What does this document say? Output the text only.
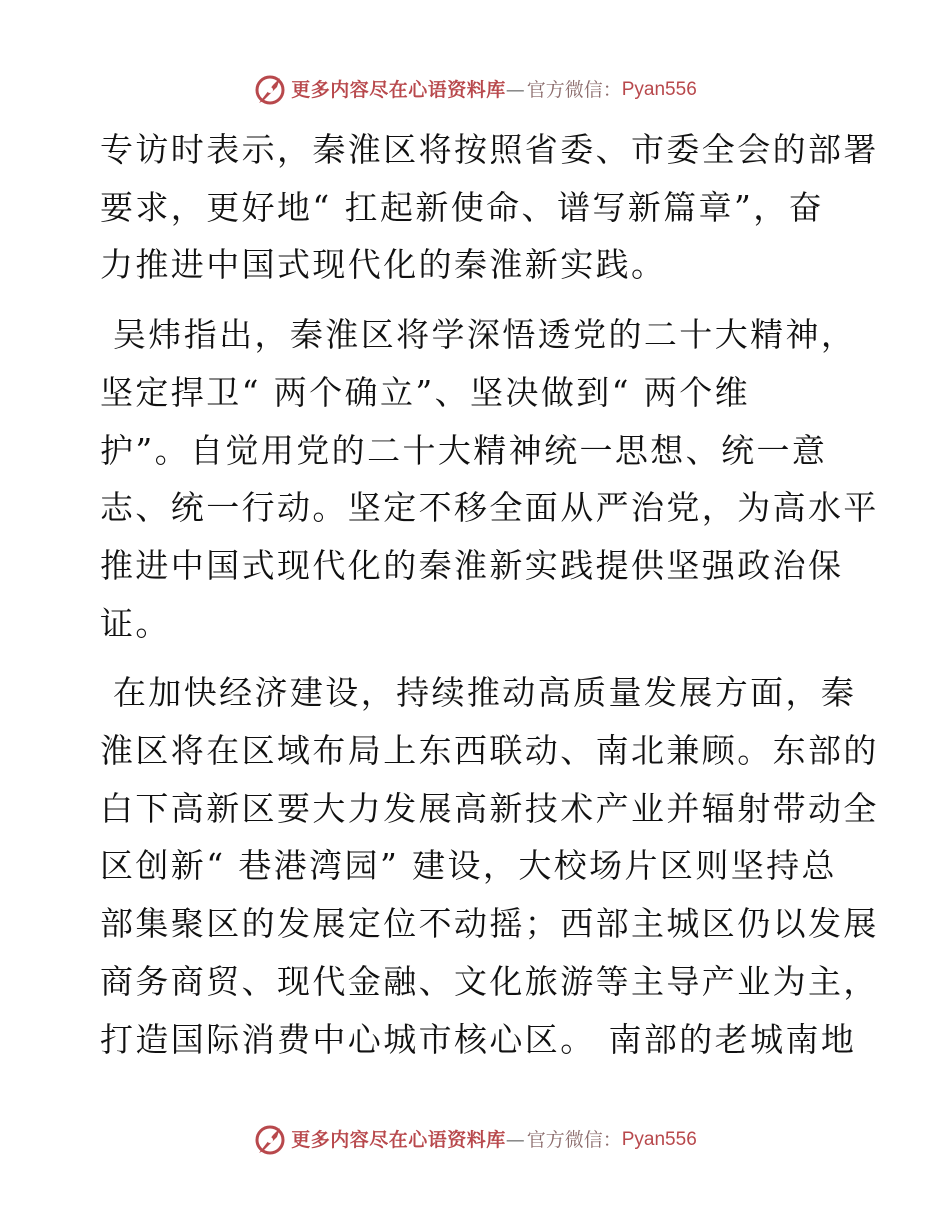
更多内容尽在心语资料库 — 官方微信： Pyan556

专访时表示，秦淮区将按照省委、市委全会的部署
要求，更好地“ 扛起新使命、谱写新篇章”，奋
力推进中国式现代化的秦淮新实践。

吴炜指出，秦淮区将学深悟透党的二十大精神，
坚定捍卫“ 两个确立”、坚决做到“ 两个维
护”。自觉用党的二十大精神统一思想、统一意
志、统一行动。坚定不移全面从严治党，为高水平
推进中国式现代化的秦淮新实践提供坚强政治保
证。

在加快经济建设，持续推动高质量发展方面，秦
淮区将在区域布局上东西联动、南北兼顾。东部的
白下高新区要大力发展高新技术产业并辐射带动全
区创新“ 巷港湾园” 建设，大校场片区则坚持总
部集聚区的发展定位不动摇；西部主城区仍以发展
商务商贸、现代金融、文化旅游等主导产业为主，
打造国际消费中心城市核心区。 南部的老城南地

更多内容尽在心语资料库 — 官方微信： Pyan556
